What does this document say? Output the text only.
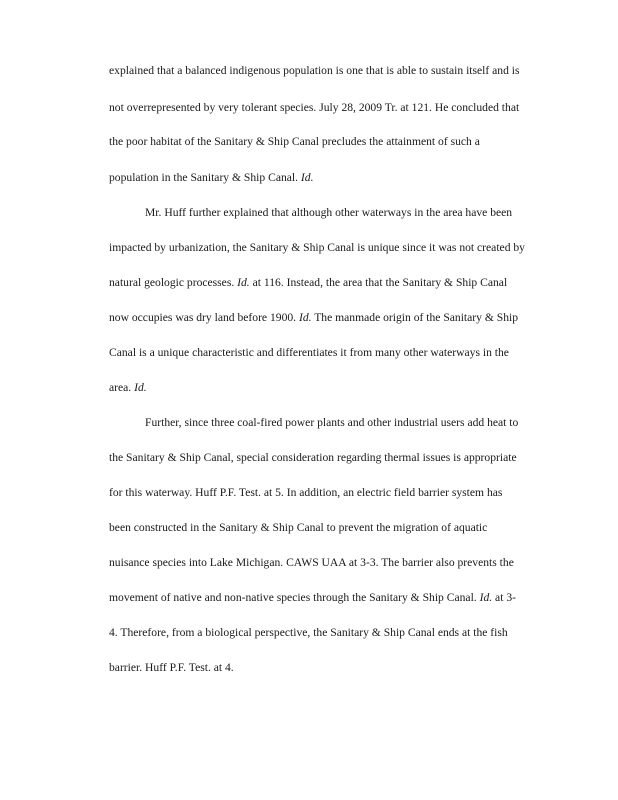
explained that a balanced indigenous population is one that is able to sustain itself and is
not overrepresented by very tolerant species. July 28, 2009 Tr. at 121. He concluded that
the poor habitat of the Sanitary & Ship Canal precludes the attainment of such a
population in the Sanitary & Ship Canal. Id.
Mr. Huff further explained that although other waterways in the area have been
impacted by urbanization, the Sanitary & Ship Canal is unique since it was not created by
natural geologic processes. Id. at 116. Instead, the area that the Sanitary & Ship Canal
now occupies was dry land before 1900. Id. The manmade origin of the Sanitary & Ship
Canal is a unique characteristic and differentiates it from many other waterways in the
area. Id.
Further, since three coal-fired power plants and other industrial users add heat to
the Sanitary & Ship Canal, special consideration regarding thermal issues is appropriate
for this waterway. Huff P.F. Test. at 5. In addition, an electric field barrier system has
been constructed in the Sanitary & Ship Canal to prevent the migration of aquatic
nuisance species into Lake Michigan. CAWS UAA at 3-3. The barrier also prevents the
movement of native and non-native species through the Sanitary & Ship Canal. Id. at 3-
4. Therefore, from a biological perspective, the Sanitary & Ship Canal ends at the fish
barrier. Huff P.F. Test. at 4.
